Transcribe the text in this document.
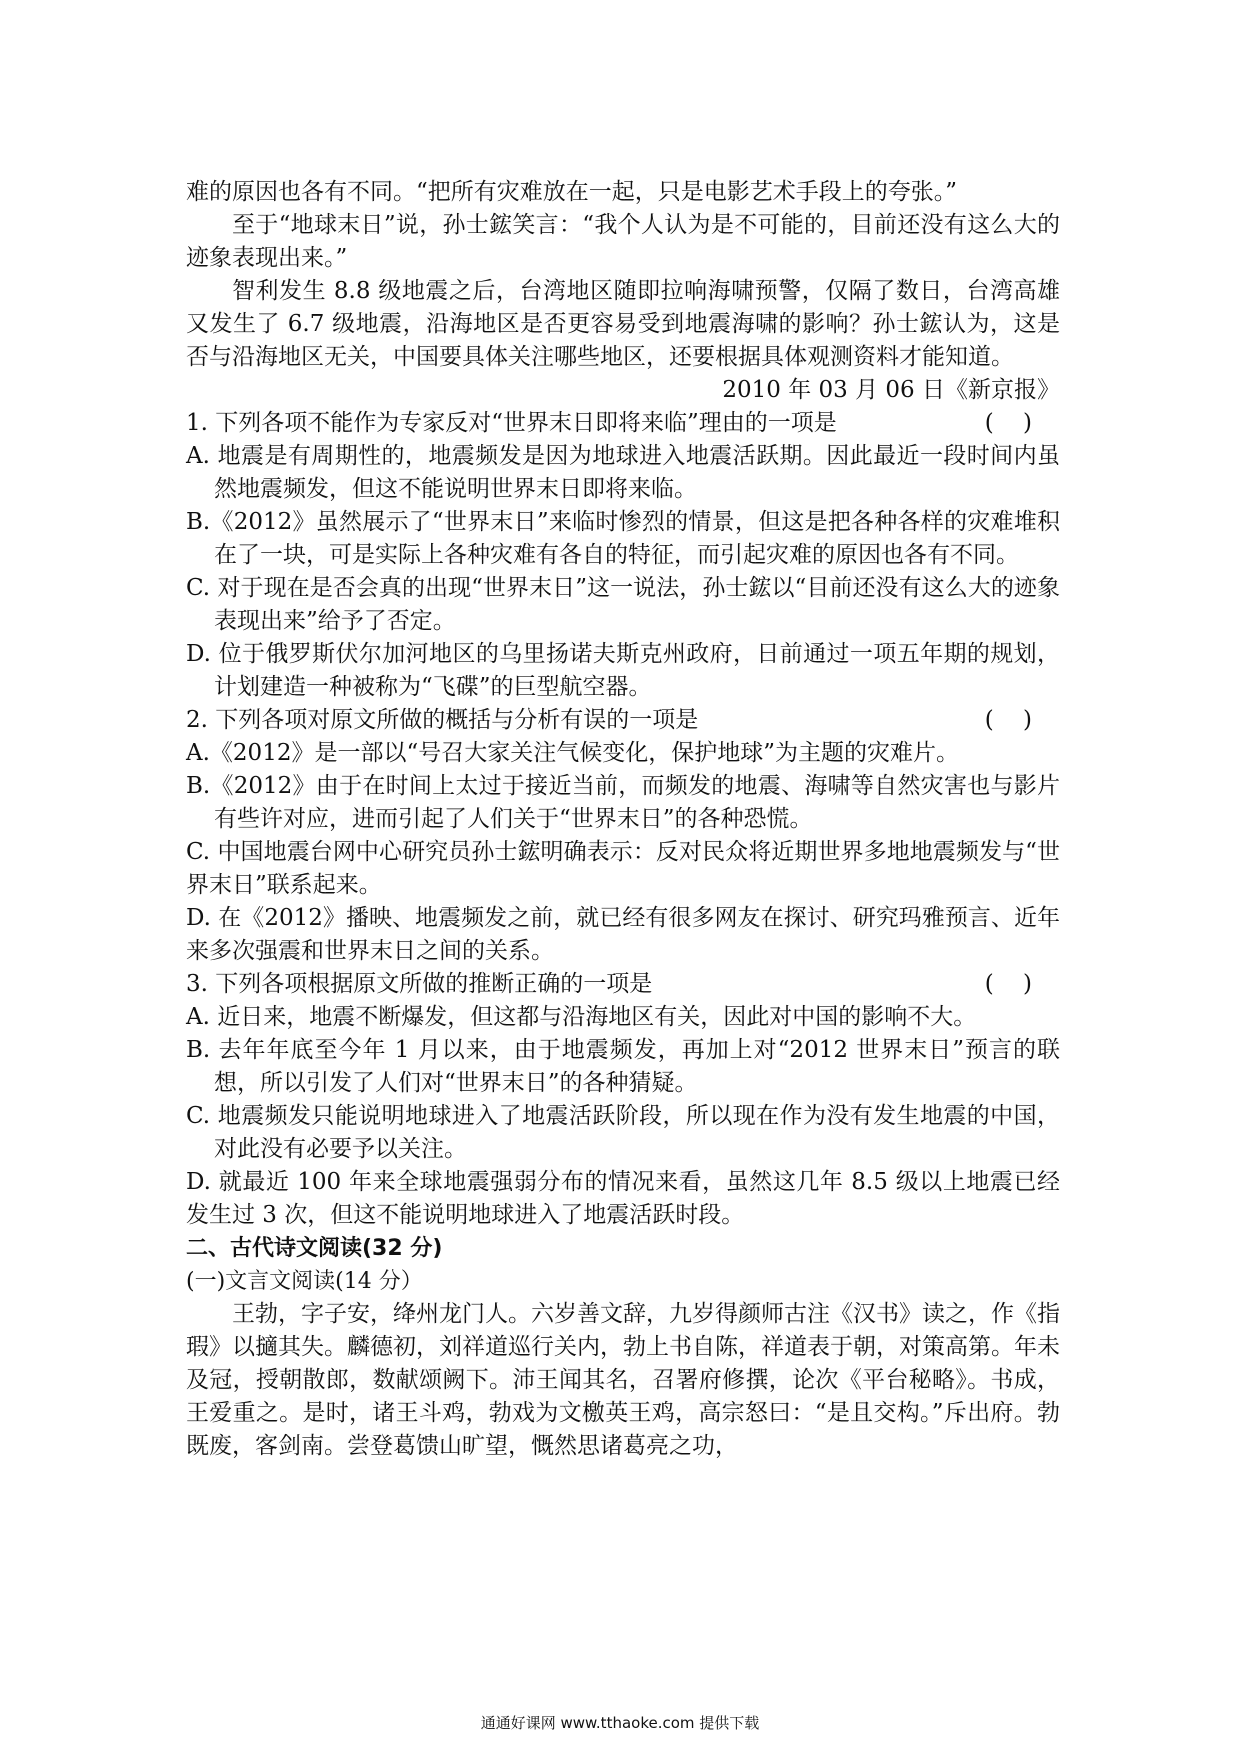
难的原因也各有不同。“把所有灾难放在一起，只是电影艺术手段上的夸张。”

至于“地球末日”说，孙士鋐笑言：“我个人认为是不可能的，目前还没有这么大的迹象表现出来。”

智利发生 8.8 级地震之后，台湾地区随即拉响海啸预警，仅隔了数日，台湾高雄又发生了 6.7 级地震，沿海地区是否更容易受到地震海啸的影响？孙士鋐认为，这是否与沿海地区无关，中国要具体关注哪些地区，还要根据具体观测资料才能知道。

2010 年 03 月 06 日《新京报》

1. 下列各项不能作为专家反对“世界末日即将来临”理由的一项是	(    )

A. 地震是有周期性的，地震频发是因为地球进入地震活跃期。因此最近一段时间内虽然地震频发，但这不能说明世界末日即将来临。

B.《2012》虽然展示了“世界末日”来临时惨烈的情景，但这是把各种各样的灾难堆积在了一块，可是实际上各种灾难有各自的特征，而引起灾难的原因也各有不同。

C. 对于现在是否会真的出现“世界末日”这一说法，孙士鋐以“目前还没有这么大的迹象表现出来”给予了否定。

D. 位于俄罗斯伏尔加河地区的乌里扬诺夫斯克州政府，日前通过一项五年期的规划，计划建造一种被称为“飞碟”的巨型航空器。

2. 下列各项对原文所做的概括与分析有误的一项是	(    )

A.《2012》是一部以“号召大家关注气候变化，保护地球”为主题的灾难片。

B.《2012》由于在时间上太过于接近当前，而频发的地震、海啸等自然灾害也与影片有些许对应，进而引起了人们关于“世界末日”的各种恐慌。

C. 中国地震台网中心研究员孙士鋐明确表示：反对民众将近期世界多地地震频发与“世界末日”联系起来。

D. 在《2012》播映、地震频发之前，就已经有很多网友在探讨、研究玛雅预言、近年来多次强震和世界末日之间的关系。

3. 下列各项根据原文所做的推断正确的一项是	(    )

A. 近日来，地震不断爆发，但这都与沿海地区有关，因此对中国的影响不大。

B. 去年年底至今年 1 月以来，由于地震频发，再加上对“2012 世界末日”预言的联想，所以引发了人们对“世界末日”的各种猜疑。

C. 地震频发只能说明地球进入了地震活跃阶段，所以现在作为没有发生地震的中国，对此没有必要予以关注。

D. 就最近 100 年来全球地震强弱分布的情况来看，虽然这几年 8.5 级以上地震已经发生过 3 次，但这不能说明地球进入了地震活跃时段。

二、古代诗文阅读(32 分)

(一)文言文阅读(14 分）

王勃，字子安，绛州龙门人。六岁善文辞，九岁得颜师古注《汉书》读之，作《指瑕》以擿其失。麟德初，刘祥道巡行关内，勃上书自陈，祥道表于朝，对策高第。年未及冠，授朝散郎，数献颂阙下。沛王闻其名，召署府修撰，论次《平台秘略》。书成，王爱重之。是时，诸王斗鸡，勃戏为文檄英王鸡，高宗怒曰：“是且交构。”斥出府。勃既废，客剑南。尝登葛馈山旷望，慨然思诸葛亮之功，

通通好课网 www.tthaoke.com 提供下载
